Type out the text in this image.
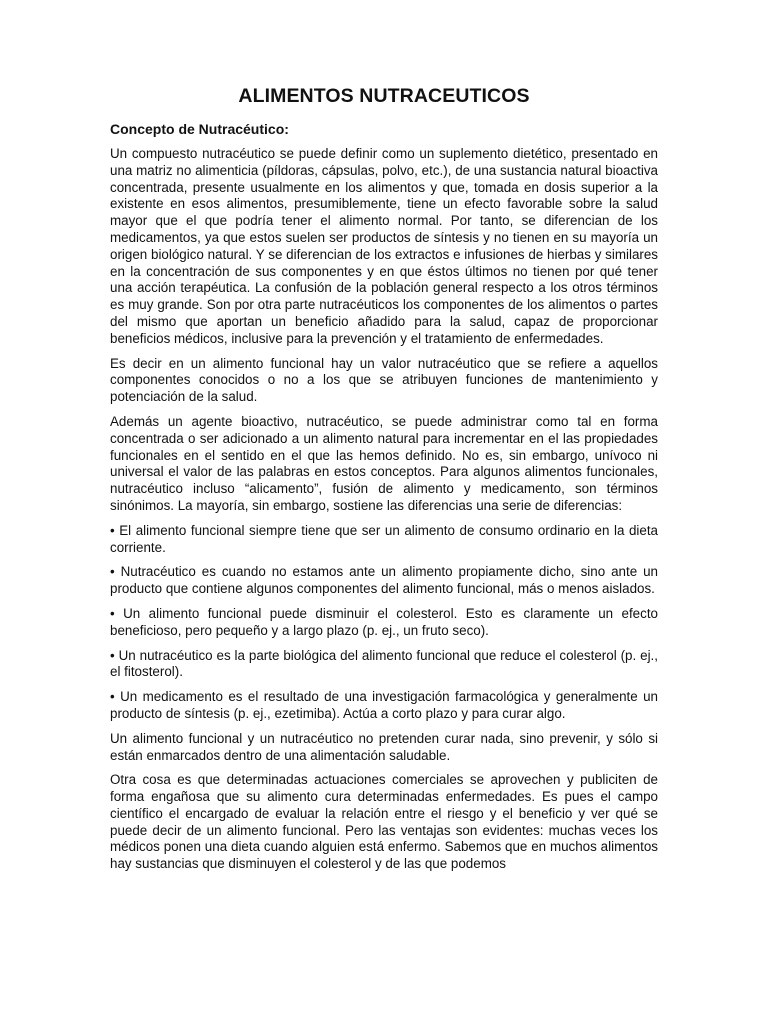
ALIMENTOS NUTRACEUTICOS
Concepto de Nutracéutico:

Un compuesto nutracéutico se puede definir como un suplemento dietético, presentado en una matriz no alimenticia (píldoras, cápsulas, polvo, etc.), de una sustancia natural bioactiva concentrada, presente usualmente en los alimentos y que, tomada en dosis superior a la existente en esos alimentos, presumiblemente, tiene un efecto favorable sobre la salud mayor que el que podría tener el alimento normal. Por tanto, se diferencian de los medicamentos, ya que estos suelen ser productos de síntesis y no tienen en su mayoría un origen biológico natural. Y se diferencian de los extractos e infusiones de hierbas y similares en la concentración de sus componentes y en que éstos últimos no tienen por qué tener una acción terapéutica. La confusión de la población general respecto a los otros términos es muy grande. Son por otra parte nutracéuticos los componentes de los alimentos o partes del mismo que aportan un beneficio añadido para la salud, capaz de proporcionar beneficios médicos, inclusive para la prevención y el tratamiento de enfermedades.

Es decir en un alimento funcional hay un valor nutracéutico que se refiere a aquellos componentes conocidos o no a los que se atribuyen funciones de mantenimiento y potenciación de la salud.

Además un agente bioactivo, nutracéutico, se puede administrar como tal en forma concentrada o ser adicionado a un alimento natural para incrementar en el las propiedades funcionales en el sentido en el que las hemos definido. No es, sin embargo, unívoco ni universal el valor de las palabras en estos conceptos. Para algunos alimentos funcionales, nutracéutico incluso “alicamento”, fusión de alimento y medicamento, son términos sinónimos. La mayoría, sin embargo, sostiene las diferencias una serie de diferencias:

• El alimento funcional siempre tiene que ser un alimento de consumo ordinario en la dieta corriente.

• Nutracéutico es cuando no estamos ante un alimento propiamente dicho, sino ante un producto que contiene algunos componentes del alimento funcional, más o menos aislados.

• Un alimento funcional puede disminuir el colesterol. Esto es claramente un efecto beneficioso, pero pequeño y a largo plazo (p. ej., un fruto seco).

• Un nutracéutico es la parte biológica del alimento funcional que reduce el colesterol (p. ej., el fitosterol).

• Un medicamento es el resultado de una investigación farmacológica y generalmente un producto de síntesis (p. ej., ezetimiba). Actúa a corto plazo y para curar algo.

Un alimento funcional y un nutracéutico no pretenden curar nada, sino prevenir, y sólo si están enmarcados dentro de una alimentación saludable.

Otra cosa es que determinadas actuaciones comerciales se aprovechen y publiciten de forma engañosa que su alimento cura determinadas enfermedades. Es pues el campo científico el encargado de evaluar la relación entre el riesgo y el beneficio y ver qué se puede decir de un alimento funcional. Pero las ventajas son evidentes: muchas veces los médicos ponen una dieta cuando alguien está enfermo. Sabemos que en muchos alimentos hay sustancias que disminuyen el colesterol y de las que podemos
